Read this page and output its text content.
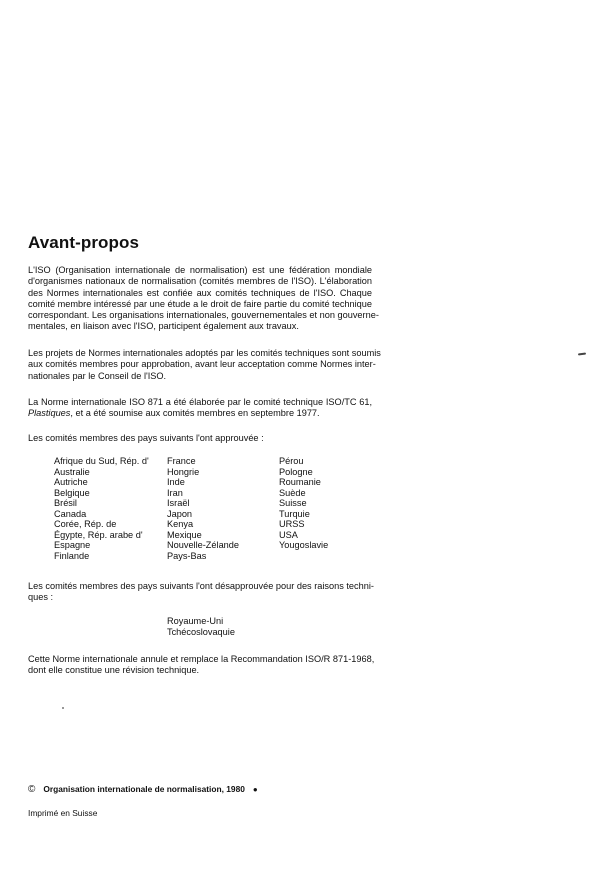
Avant-propos
L'ISO (Organisation internationale de normalisation) est une fédération mondiale
d'organismes nationaux de normalisation (comités membres de l'ISO). L'élaboration
des Normes internationales est confiée aux comités techniques de l'ISO. Chaque
comité membre intéressé par une étude a le droit de faire partie du comité technique
correspondant. Les organisations internationales, gouvernementales et non gouverne-
mentales, en liaison avec l'ISO, participent également aux travaux.
Les projets de Normes internationales adoptés par les comités techniques sont soumis
aux comités membres pour approbation, avant leur acceptation comme Normes inter-
nationales par le Conseil de l'ISO.
La Norme internationale ISO 871 a été élaborée par le comité technique ISO/TC 61,
Plastiques, et a été soumise aux comités membres en septembre 1977.
Les comités membres des pays suivants l'ont approuvée :
Afrique du Sud, Rép. d'
Australie
Autriche
Belgique
Brésil
Canada
Corée, Rép. de
Égypte, Rép. arabe d'
Espagne
Finlande
France
Hongrie
Inde
Iran
Israël
Japon
Kenya
Mexique
Nouvelle-Zélande
Pays-Bas
Pérou
Pologne
Roumanie
Suède
Suisse
Turquie
URSS
USA
Yougoslavie
Les comités membres des pays suivants l'ont désapprouvée pour des raisons techni-
ques :
Royaume-Uni
Tchécoslovaquie
Cette Norme internationale annule et remplace la Recommandation ISO/R 871-1968,
dont elle constitue une révision technique.
© Organisation internationale de normalisation, 1980 ●
Imprimé en Suisse
